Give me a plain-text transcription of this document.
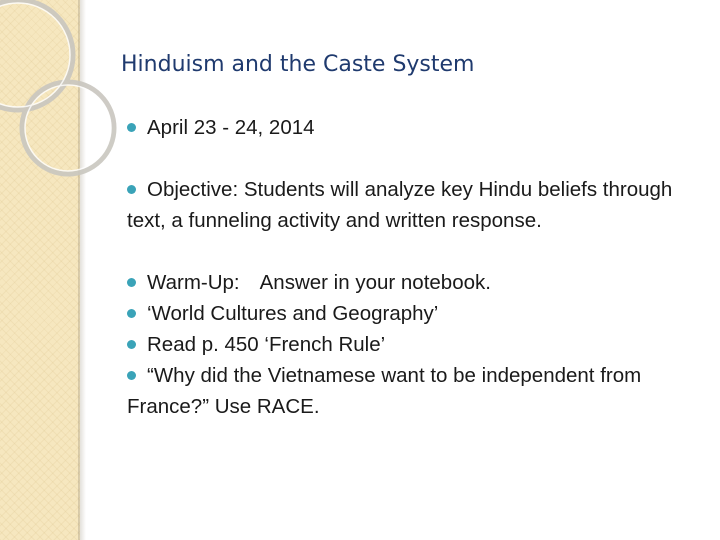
Hinduism and the Caste System

April 23 - 24, 2014

Objective: Students will analyze key Hindu beliefs through text, a funneling activity and written response.

Warm-Up: Answer in your notebook.

‘World Cultures and Geography’

Read p. 450 ‘French Rule’

“Why did the Vietnamese want to be independent from France?” Use RACE.
